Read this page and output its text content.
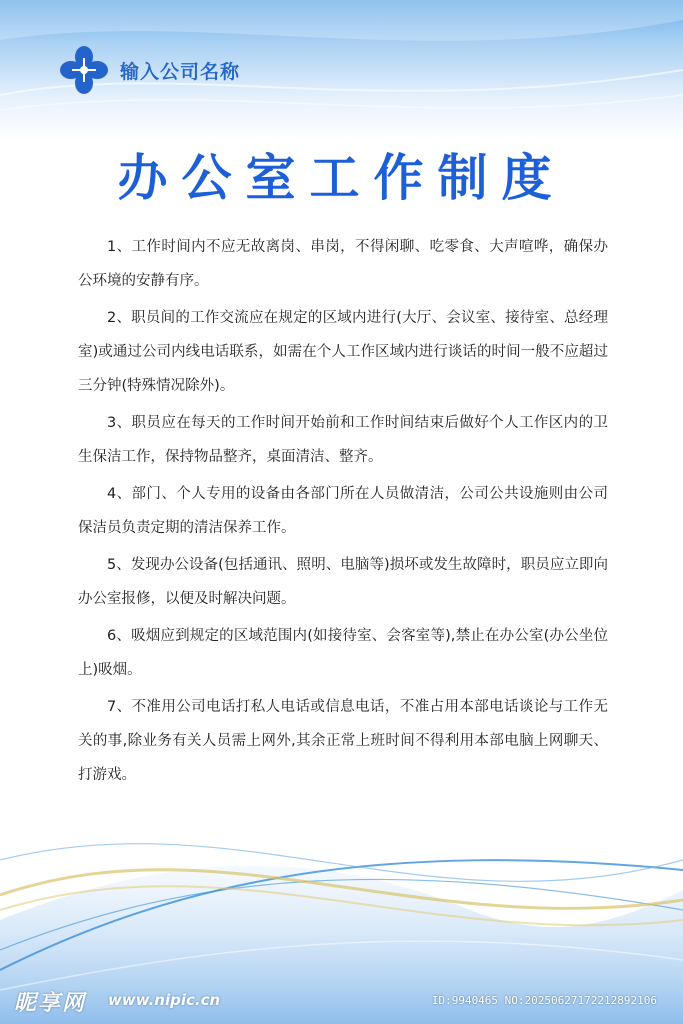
输入公司名称
办公室工作制度

1、工作时间内不应无故离岗、串岗，不得闲聊、吃零食、大声喧哗，确保办公环境的安静有序。

2、职员间的工作交流应在规定的区域内进行(大厅、会议室、接待室、总经理室)或通过公司内线电话联系，如需在个人工作区域内进行谈话的时间一般不应超过三分钟(特殊情况除外)。

3、职员应在每天的工作时间开始前和工作时间结束后做好个人工作区内的卫生保洁工作，保持物品整齐，桌面清洁、整齐。

4、部门、个人专用的设备由各部门所在人员做清洁，公司公共设施则由公司保洁员负责定期的清洁保养工作。

5、发现办公设备(包括通讯、照明、电脑等)损坏或发生故障时，职员应立即向办公室报修，以便及时解决问题。

6、吸烟应到规定的区域范围内(如接待室、会客室等),禁止在办公室(办公坐位上)吸烟。

7、不准用公司电话打私人电话或信息电话，不准占用本部电话谈论与工作无关的事,除业务有关人员需上网外,其余正常上班时间不得利用本部电脑上网聊天、打游戏。

昵享网 www.nipic.cn	ID:9940465 NO:20250627172212892106
